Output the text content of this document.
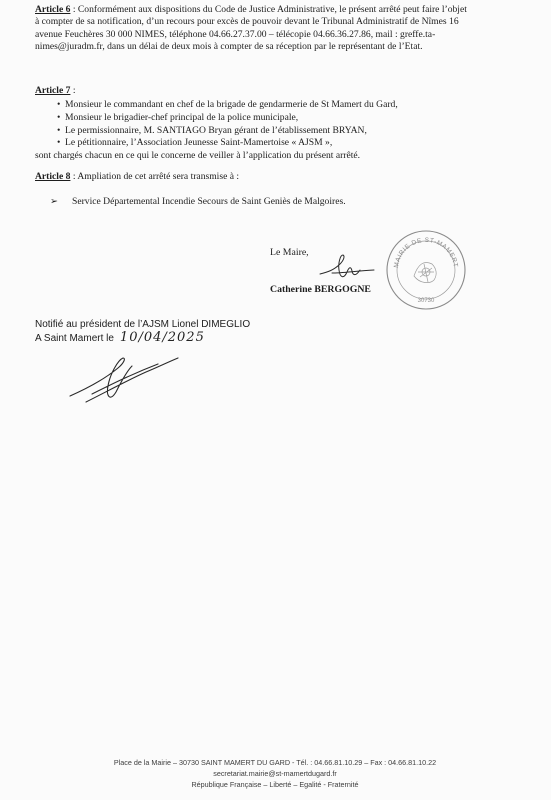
Article 6 : Conformément aux dispositions du Code de Justice Administrative, le présent arrêté peut faire l’objet
à compter de sa notification, d’un recours pour excès de pouvoir devant le Tribunal Administratif de Nîmes 16
avenue Feuchères 30 000 NIMES, téléphone 04.66.27.37.00 – télécopie 04.66.36.27.86, mail : greffe.ta-
nimes@juradm.fr, dans un délai de deux mois à compter de sa réception par le représentant de l’Etat.
Article 7 :
• Monsieur le commandant en chef de la brigade de gendarmerie de St Mamert du Gard,
• Monsieur le brigadier-chef principal de la police municipale,
• Le permissionnaire, M. SANTIAGO Bryan gérant de l’établissement BRYAN,
• Le pétitionnaire, l’Association Jeunesse Saint-Mamertoise « AJSM »,
sont chargés chacun en ce qui le concerne de veiller à l’application du présent arrêté.
Article 8 : Ampliation de cet arrêté sera transmise à :
➢ Service Départemental Incendie Secours de Saint Geniès de Malgoires.
Le Maire,
Catherine BERGOGNE
MAIRIE DE ST-MAMERT DU GARD
30730
Notifié au président de l’AJSM Lionel DIMEGLIO
A Saint Mamert le 10/04/2025
Place de la Mairie – 30730 SAINT MAMERT DU GARD - Tél. : 04.66.81.10.29 – Fax : 04.66.81.10.22
secretariat.mairie@st-mamertdugard.fr
République Française – Liberté – Egalité - Fraternité
